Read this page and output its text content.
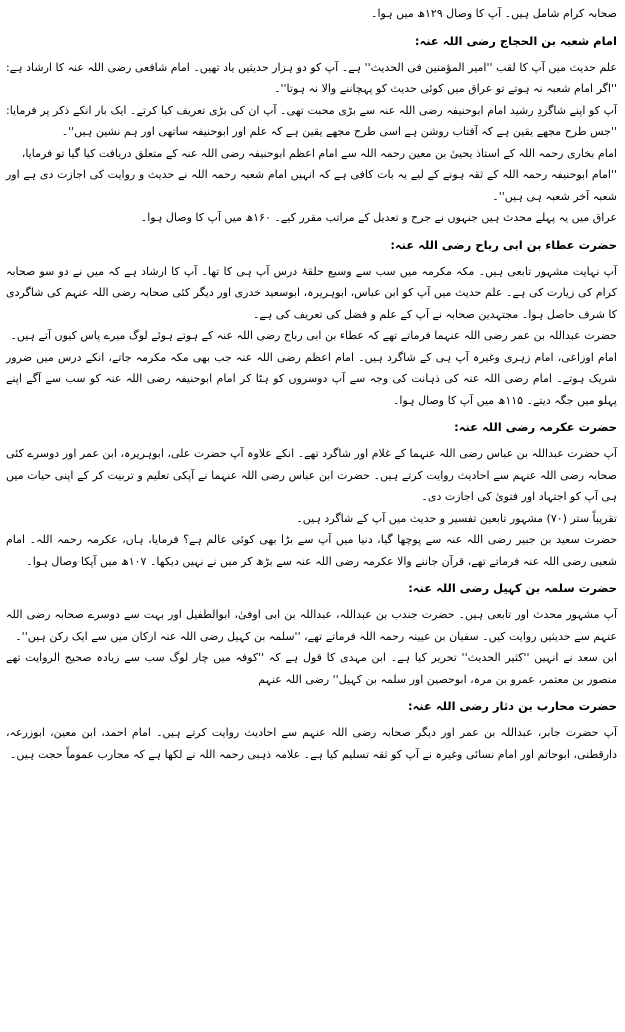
صحابہ کرام شامل ہیں۔ آپ کا وصال ۱۲۹ھ میں ہوا۔

امام شعبہ بن الحجاج رضی اللہ عنہ:

علم حدیث میں آپ کا لقب ''امیر المؤمنین فی الحدیث'' ہے۔ آپ کو دو ہزار حدیثیں یاد تھیں۔ امام شافعی رضی اللہ عنہ کا ارشاد ہے: ''اگر امام شعبہ نہ ہوتے تو عراق میں کوئی حدیث کو پہچاننے والا نہ ہوتا''۔

آپ کو اپنے شاگردِ رشید امام ابوحنیفہ رضی اللہ عنہ سے بڑی محبت تھی۔ آپ ان کی بڑی تعریف کیا کرتے۔ ایک بار انکے ذکر پر فرمایا: ''جس طرح مجھے یقین ہے کہ آفتاب روشن ہے اسی طرح مجھے یقین ہے کہ علم اور ابوحنیفہ ساتھی اور ہم نشین ہیں''۔

امام بخاری رحمہ اللہ کے استاذ یحییٰ بن معین رحمہ اللہ سے امام اعظم ابوحنیفہ رضی اللہ عنہ کے متعلق دریافت کیا گیا تو فرمایا،

''امام ابوحنیفہ رحمہ اللہ کے ثقہ ہونے کے لیے یہ بات کافی ہے کہ انہیں امام شعبہ رحمہ اللہ نے حدیث و روایت کی اجازت دی ہے اور شعبہ آخر شعبہ ہی ہیں''۔

عراق میں یہ پہلے محدث ہیں جنہوں نے جرح و تعدیل کے مراتب مقرر کیے۔ ۱۶۰ھ میں آپ کا وصال ہوا۔

حضرت عطاء بن ابی رباح رضی اللہ عنہ:

آپ نہایت مشہور تابعی ہیں۔ مکہ مکرمہ میں سب سے وسیع حلقۂ درس آپ ہی کا تھا۔ آپ کا ارشاد ہے کہ میں نے دو سو صحابہ کرام کی زیارت کی ہے۔ علم حدیث میں آپ کو ابن عباس، ابوہریرہ، ابوسعید خدری اور دیگر کئی صحابہ رضی اللہ عنہم کی شاگردی کا شرف حاصل ہوا۔ مجتہدین صحابہ نے آپ کے علم و فضل کی تعریف کی ہے۔

حضرت عبداللہ بن عمر رضی اللہ عنہما فرماتے تھے کہ عطاء بن ابی رباح رضی اللہ عنہ کے ہوتے ہوئے لوگ میرے پاس کیوں آتے ہیں۔

امام اوزاعی، امام زہری وغیرہ آپ ہی کے شاگرد ہیں۔ امام اعظم رضی اللہ عنہ جب بھی مکہ مکرمہ جاتے، انکے درس میں ضرور شریک ہوتے۔ امام رضی اللہ عنہ کی ذہانت کی وجہ سے آپ دوسروں کو ہٹا کر امام ابوحنیفہ رضی اللہ عنہ کو سب سے آگے اپنے پہلو میں جگہ دیتے۔ ۱۱۵ھ میں آپ کا وصال ہوا۔

حضرت عکرمہ رضی اللہ عنہ:

آپ حضرت عبداللہ بن عباس رضی اللہ عنہما کے غلام اور شاگرد تھے۔ انکے علاوہ آپ حضرت علی، ابوہریرہ، ابن عمر اور دوسرے کئی صحابہ رضی اللہ عنہم سے احادیث روایت کرتے ہیں۔ حضرت ابن عباس رضی اللہ عنہما نے آپکی تعلیم و تربیت کر کے اپنی حیات میں ہی آپ کو اجتہاد اور فتویٰ کی اجازت دی۔

تقریباً ستر (۷۰) مشہور تابعین تفسیر و حدیث میں آپ کے شاگرد ہیں۔

حضرت سعید بن جبیر رضی اللہ عنہ سے پوچھا گیا، دنیا میں آپ سے بڑا بھی کوئی عالم ہے؟ فرمایا، ہاں، عکرمہ رحمہ اللہ۔ امام شعبی رضی اللہ عنہ فرماتے تھے، قرآن جاننے والا عکرمہ رضی اللہ عنہ سے بڑھ کر میں نے نہیں دیکھا۔ ۱۰۷ھ میں آپکا وصال ہوا۔

حضرت سلمہ بن کہیل رضی اللہ عنہ:

آپ مشہور محدث اور تابعی ہیں۔ حضرت جندب بن عبداللہ، عبداللہ بن ابی اوفیٰ، ابوالطفیل اور بہت سے دوسرے صحابہ رضی اللہ عنہم سے حدیثیں روایت کیں۔ سفیان بن عیینہ رحمہ اللہ فرماتے تھے، ''سلمہ بن کہیل رضی اللہ عنہ ارکان میں سے ایک رکن ہیں''۔

ابن سعد نے انہیں ''کثیر الحدیث'' تحریر کیا ہے۔ ابن مہدی کا قول ہے کہ ''کوفہ میں چار لوگ سب سے زیادہ صحیح الروایت تھے منصور بن معتمر، عمرو بن مرہ، ابوحصین اور سلمہ بن کہیل'' رضی اللہ عنہم

حضرت محارب بن دثار رضی اللہ عنہ:

آپ حضرت جابر، عبداللہ بن عمر اور دیگر صحابہ رضی اللہ عنہم سے احادیث روایت کرتے ہیں۔ امام احمد، ابن معین، ابوزرعہ، دارقطنی، ابوحاتم اور امام نسائی وغیرہ نے آپ کو ثقہ تسلیم کیا ہے۔ علامہ ذہبی رحمہ اللہ نے لکھا ہے کہ محارب عموماً حجت ہیں۔
